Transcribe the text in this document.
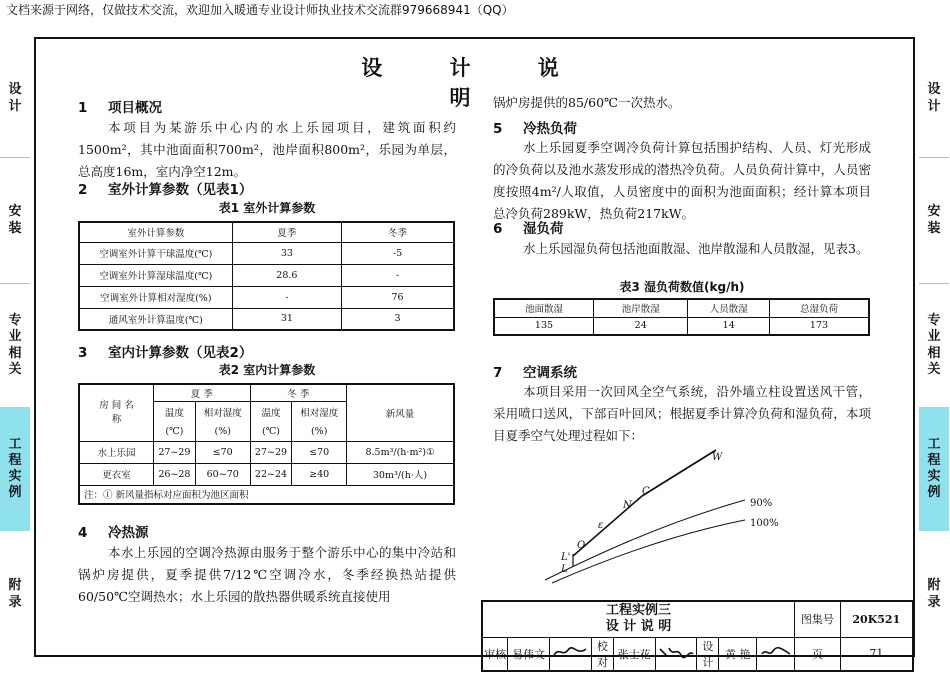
文档来源于网络，仅做技术交流，欢迎加入暖通专业设计师执业技术交流群979668941（QQ）
设计
安装
专业相关
工程实例
附录
设计
安装
专业相关
工程实例
附录
设 计 说 明
1 项目概况
本项目为某游乐中心内的水上乐园项目，建筑面积约1500m²，其中池面面积700m²，池岸面积800m²，乐园为单层，总高度16m，室内净空12m。
2 室外计算参数（见表1）
表1 室外计算参数
室外计算参数	夏季	冬季
空调室外计算干球温度(℃)	33	-5
空调室外计算湿球温度(℃)	28.6	-
空调室外计算相对湿度(%)	-	76
通风室外计算温度(℃)	31	3
3 室内计算参数（见表2）
表2 室内计算参数
房 间 名 称	夏 季		冬 季		新风量
	温度	相对湿度	温度	相对湿度	
	(℃)	(%)	(℃)	(%)	
水上乐园	27~29	≤70	27~29	≤70	8.5m³/(h·m²)①
更衣室	26~28	60~70	22~24	≥40	30m³/(h·人)
注：① 新风量指标对应面积为池区面积					
4 冷热源
本水上乐园的空调冷热源由服务于整个游乐中心的集中冷站和锅炉房提供，夏季提供7/12℃空调冷水，冬季经换热站提供60/50℃空调热水；水上乐园的散热器供暖系统直接使用
锅炉房提供的85/60℃一次热水。
5 冷热负荷
水上乐园夏季空调冷负荷计算包括围护结构、人员、灯光形成的冷负荷以及池水蒸发形成的潜热冷负荷。人员负荷计算中，人员密度按照4m²/人取值，人员密度中的面积为池面面积；经计算本项目总冷负荷289kW，热负荷217kW。
6 湿负荷
水上乐园湿负荷包括池面散湿、池岸散湿和人员散湿，见表3。
表3 湿负荷数值(kg/h)
池面散湿	池岸散湿	人员散湿	总湿负荷
135	24	14	173
7 空调系统
本项目采用一次回风全空气系统，沿外墙立柱设置送风干管，采用喷口送风，下部百叶回风；根据夏季计算冷负荷和湿负荷，本项目夏季空气处理过程如下：
W
C
N
ε
O
L'
L
90%
100%
工程实例三
设 计 说 明									图集号	20K521
审核	易伟文		校对	张士花		设计	黄 艳		页	71
